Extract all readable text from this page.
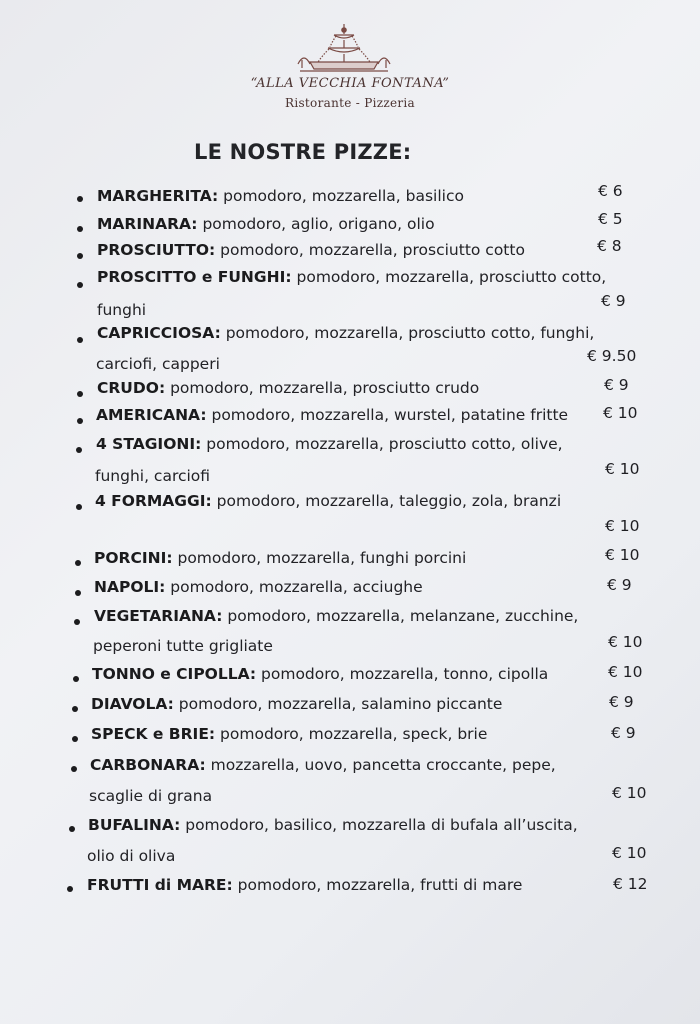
“ALLA VECCHIA FONTANA”
Ristorante - Pizzeria
LE NOSTRE PIZZE:
MARGHERITA: pomodoro, mozzarella, basilico	€ 6
MARINARA: pomodoro, aglio, origano, olio	€ 5
PROSCIUTTO: pomodoro, mozzarella, prosciutto cotto	€ 8
PROSCITTO e FUNGHI: pomodoro, mozzarella, prosciutto cotto,
funghi	€ 9
CAPRICCIOSA: pomodoro, mozzarella, prosciutto cotto, funghi,
carciofi, capperi	€ 9.50
CRUDO: pomodoro, mozzarella, prosciutto crudo	€ 9
AMERICANA: pomodoro, mozzarella, wurstel, patatine fritte € 10
4 STAGIONI: pomodoro, mozzarella, prosciutto cotto, olive,
funghi, carciofi	€ 10
4 FORMAGGI: pomodoro, mozzarella, taleggio, zola, branzi
€ 10
PORCINI: pomodoro, mozzarella, funghi porcini	€ 10
NAPOLI: pomodoro, mozzarella, acciughe	€ 9
VEGETARIANA: pomodoro, mozzarella, melanzane, zucchine,
peperoni tutte grigliate	€ 10
TONNO e CIPOLLA: pomodoro, mozzarella, tonno, cipolla	€ 10
DIAVOLA: pomodoro, mozzarella, salamino piccante	€ 9
SPECK e BRIE: pomodoro, mozzarella, speck, brie	€ 9
CARBONARA: mozzarella, uovo, pancetta croccante, pepe,
scaglie di grana	€ 10
BUFALINA: pomodoro, basilico, mozzarella di bufala all’uscita,
olio di oliva	€ 10
FRUTTI di MARE: pomodoro, mozzarella, frutti di mare	€ 12
